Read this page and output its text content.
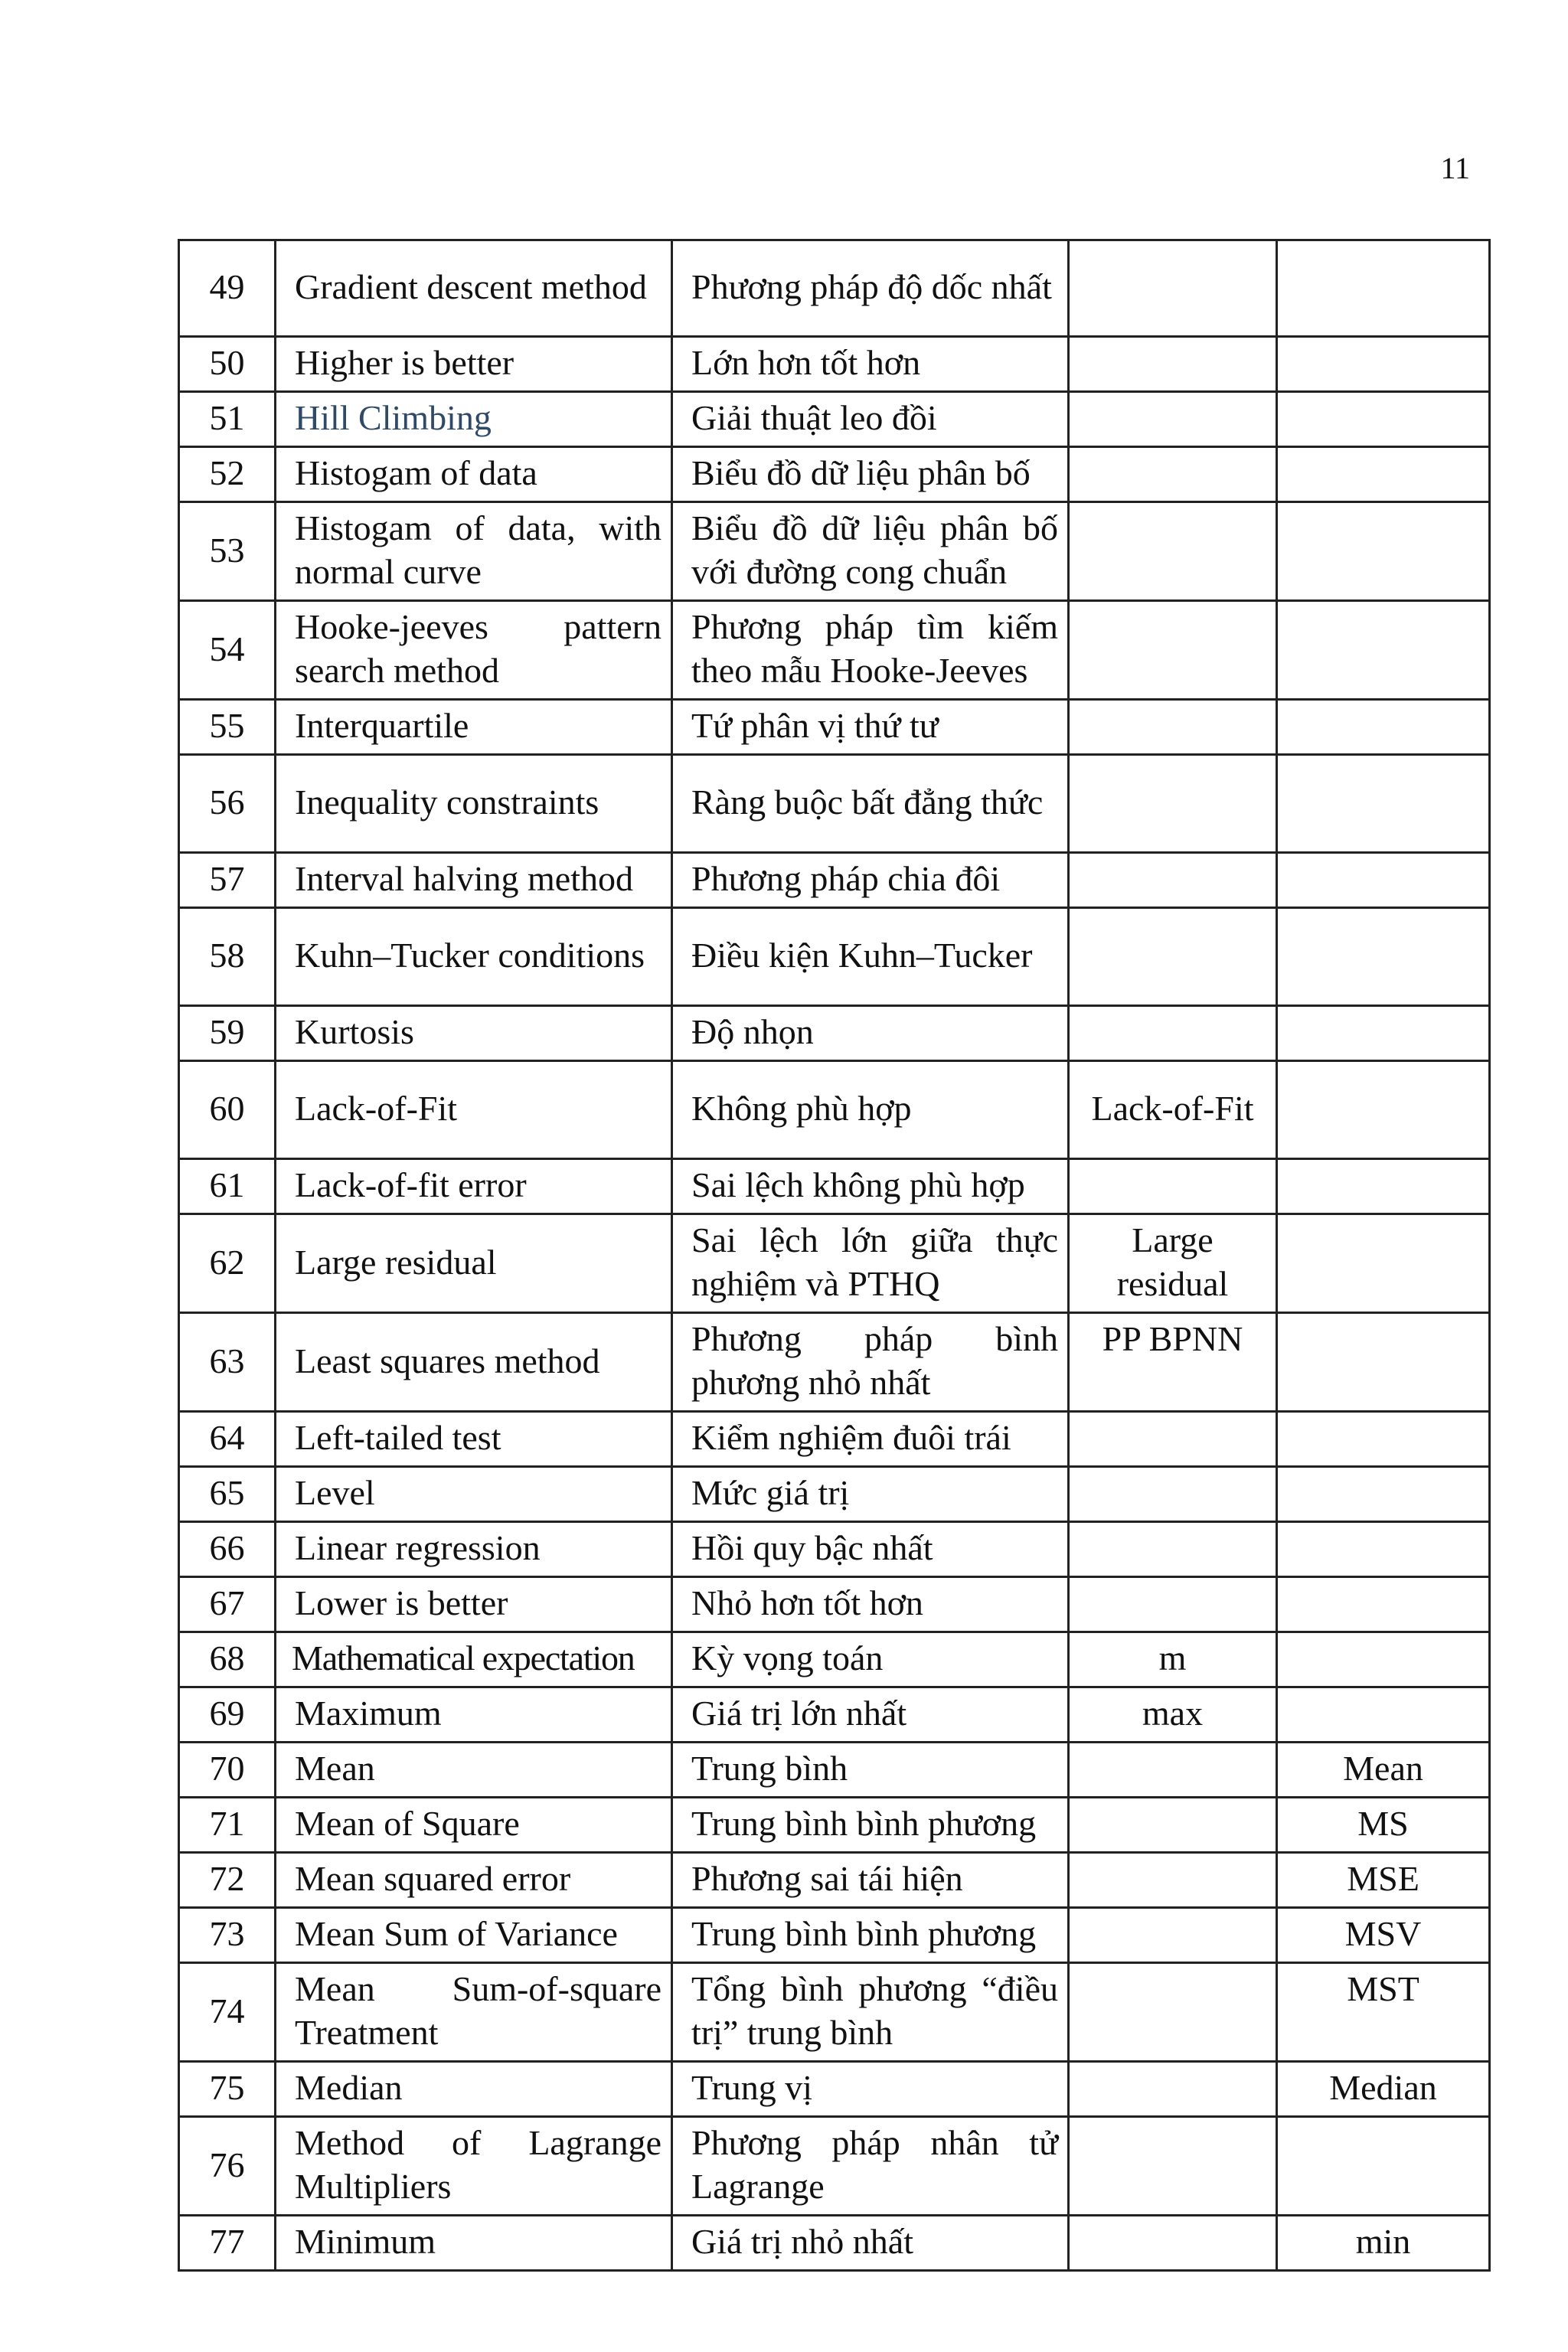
11
49	Gradient descent method	Phương pháp độ dốc nhất		
50	Higher is better	Lớn hơn tốt hơn		
51	Hill Climbing	Giải thuật leo đồi		
52	Histogam of data	Biểu đồ dữ liệu phân bố		
53	Histogam of data, with normal curve	Biểu đồ dữ liệu phân bố với đường cong chuẩn		
54	Hooke-jeeves pattern search method	Phương pháp tìm kiếm theo mẫu Hooke-Jeeves		
55	Interquartile	Tứ phân vị thứ tư		
56	Inequality constraints	Ràng buộc bất đẳng thức		
57	Interval halving method	Phương pháp chia đôi		
58	Kuhn–Tucker conditions	Điều kiện Kuhn–Tucker		
59	Kurtosis	Độ nhọn		
60	Lack-of-Fit	Không phù hợp	Lack-of-Fit	
61	Lack-of-fit error	Sai lệch không phù hợp		
62	Large residual	Sai lệch lớn giữa thực nghiệm và PTHQ	Large residual	
63	Least squares method	Phương pháp bình phương nhỏ nhất	PP BPNN	
64	Left-tailed test	Kiểm nghiệm đuôi trái		
65	Level	Mức giá trị		
66	Linear regression	Hồi quy bậc nhất		
67	Lower is better	Nhỏ hơn tốt hơn		
68	Mathematical expectation	Kỳ vọng toán	m	
69	Maximum	Giá trị lớn nhất	max	
70	Mean	Trung bình		Mean
71	Mean of Square	Trung bình bình phương		MS
72	Mean squared error	Phương sai tái hiện		MSE
73	Mean Sum of Variance	Trung bình bình phương		MSV
74	Mean Sum-of-square Treatment	Tổng bình phương “điều trị” trung bình		MST
75	Median	Trung vị		Median
76	Method of Lagrange Multipliers	Phương pháp nhân tử Lagrange		
77	Minimum	Giá trị nhỏ nhất		min
